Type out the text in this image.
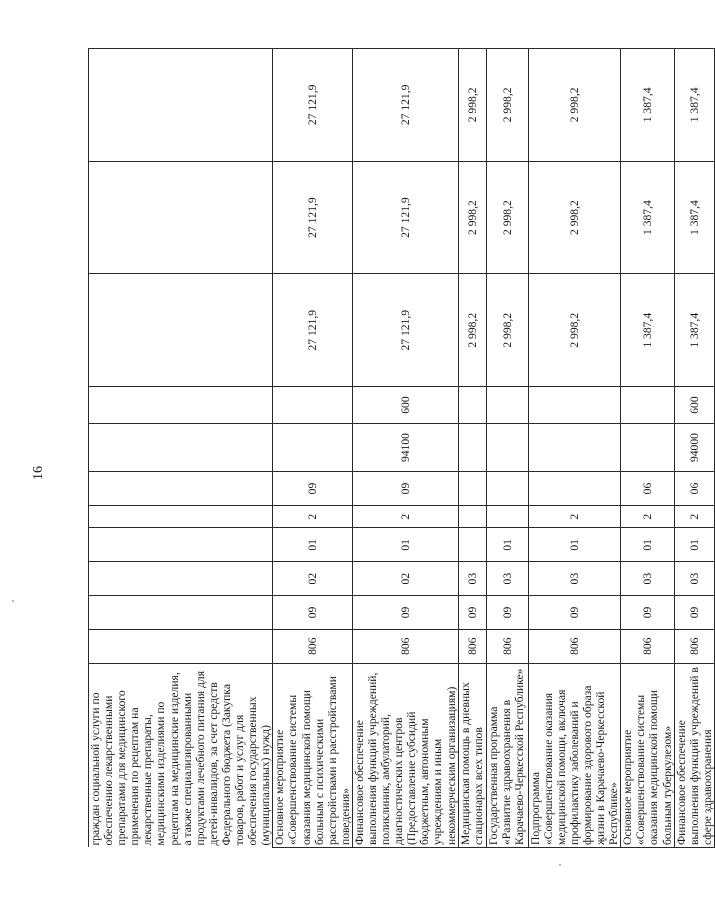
16
граждан социальной услуги по обеспечению лекарственными препаратами для медицинского применения по рецептам на лекарственные препараты, медицинскими изделиями по рецептам на медицинские изделия, а также специализированными продуктами лечебного питания для детей-инвалидов, за счет средств Федерального бюджета (Закупка товаров, работ и услуг для обеспечения государственных (муниципальных) нужд)											
Основное мероприятие «Совершенствование системы оказания медицинской помощи больным с психическими расстройствами и расстройствами поведения»	806	09	02	01	2	09			27 121,9	27 121,9	27 121,9
Финансовое обеспечение выполнения функций учреждений, поликлиник, амбулаторий, диагностических центров (Предоставление субсидий бюджетным, автономным учреждениям и иным некоммерческим организациям)	806	09	02	01	2	09	94100	600	27 121,9	27 121,9	27 121,9
Медицинская помощь в дневных стационарах всех типов	806	09	03						2 998,2	2 998,2	2 998,2
Государственная программа «Развитие здравоохранения в Карачаево-Черкесской Республике»	806	09	03	01					2 998,2	2 998,2	2 998,2
Подпрограмма «Совершенствование оказания медицинской помощи, включая профилактику заболеваний и формирование здорового образа жизни в Карачаево-Черкесской Республике»	806	09	03	01	2				2 998,2	2 998,2	2 998,2
Основное мероприятие «Совершенствование системы оказания медицинской помощи больным туберкулезом»	806	09	03	01	2	06			1 387,4	1 387,4	1 387,4
Финансовое обеспечение выполнения функций учреждений в сфере здравоохранения	806	09	03	01	2	06	94000	600	1 387,4	1 387,4	1 387,4
